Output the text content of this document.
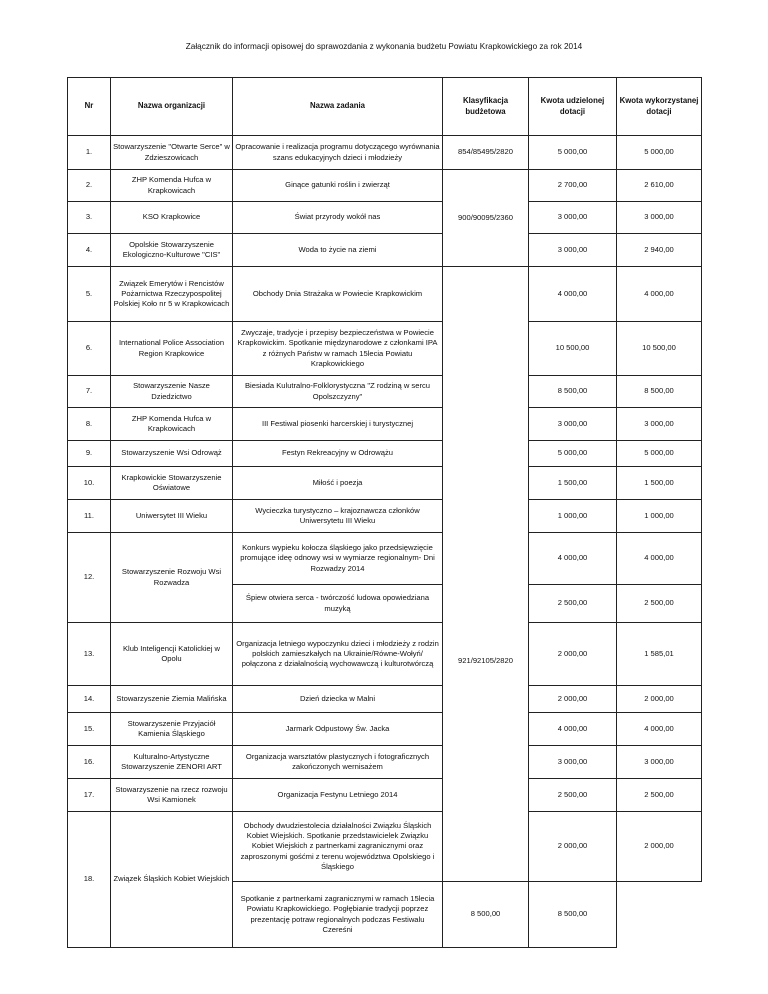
Załącznik do informacji opisowej do sprawozdania z wykonania budżetu Powiatu Krapkowickiego za rok 2014
Nr	Nazwa organizacji	Nazwa zadania	Klasyfikacja budżetowa	Kwota udzielonej dotacji	Kwota wykorzystanej dotacji
1.	Stowarzyszenie "Otwarte Serce" w Zdzieszowicach	Opracowanie i realizacja programu dotyczącego wyrównania szans edukacyjnych dzieci i młodzieży	854/85495/2820	5 000,00	5 000,00
2.	ZHP Komenda Hufca w Krapkowicach	Ginące gatunki roślin i zwierząt	900/90095/2360	2 700,00	2 610,00
3.	KSO Krapkowice	Świat przyrody wokół nas		3 000,00	3 000,00
4.	Opolskie Stowarzyszenie Ekologiczno-Kulturowe "CIS"	Woda to życie na ziemi		3 000,00	2 940,00
5.	Związek Emerytów i Rencistów Pożarnictwa Rzeczypospolitej Polskiej Koło nr 5 w Krapkowicach	Obchody Dnia Strażaka w Powiecie Krapkowickim	921/92105/2820	4 000,00	4 000,00
6.	International Police Association Region Krapkowice	Zwyczaje, tradycje i przepisy bezpieczeństwa w Powiecie Krapkowickim. Spotkanie międzynarodowe z członkami IPA z różnych Państw w ramach 15lecia Powiatu Krapkowickiego		10 500,00	10 500,00
7.	Stowarzyszenie Nasze Dziedzictwo	Biesiada Kulutralno-Folklorystyczna "Z rodziną w sercu Opolszczyzny"		8 500,00	8 500,00
8.	ZHP Komenda Hufca w Krapkowicach	III Festiwal piosenki harcerskiej i turystycznej		3 000,00	3 000,00
9.	Stowarzyszenie Wsi Odrowąż	Festyn Rekreacyjny w Odrowążu		5 000,00	5 000,00
10.	Krapkowickie Stowarzyszenie Oświatowe	Miłość i poezja		1 500,00	1 500,00
11.	Uniwersytet III Wieku	Wycieczka turystyczno – krajoznawcza członków Uniwersytetu III Wieku		1 000,00	1 000,00
12.	Stowarzyszenie Rozwoju Wsi Rozwadza	Konkurs wypieku kołocza śląskiego jako przedsięwzięcie promujące ideę odnowy wsi w wymiarze regionalnym- Dni Rozwadzy 2014		4 000,00	4 000,00
		Śpiew otwiera serca - twórczość ludowa opowiedziana muzyką		2 500,00	2 500,00
13.	Klub Inteligencji Katolickiej w Opolu	Organizacja letniego wypoczynku dzieci i młodzieży z rodzin polskich zamieszkałych na Ukrainie/Równe-Wołyń/ połączona z działalnością wychowawczą i kulturotwórczą		2 000,00	1 585,01
14.	Stowarzyszenie Ziemia Malińska	Dzień dziecka w Malni		2 000,00	2 000,00
15.	Stowarzyszenie Przyjaciół Kamienia Śląskiego	Jarmark Odpustowy Św. Jacka		4 000,00	4 000,00
16.	Kulturalno-Artystyczne Stowarzyszenie ZENORI ART	Organizacja warsztatów plastycznych i fotograficznych zakończonych wernisażem		3 000,00	3 000,00
17.	Stowarzyszenie na rzecz rozwoju Wsi Kamionek	Organizacja Festynu Letniego 2014		2 500,00	2 500,00
18.	Związek Śląskich Kobiet Wiejskich	Obchody dwudziestolecia działalności Związku Śląskich Kobiet Wiejskich. Spotkanie przedstawicielek Związku Kobiet Wiejskich z partnerkami zagranicznymi oraz zaproszonymi gośćmi z terenu województwa Opolskiego i Śląskiego		2 000,00	2 000,00
		Spotkanie z partnerkami zagranicznymi w ramach 15lecia Powiatu Krapkowickiego. Pogłębianie tradycji poprzez prezentację potraw regionalnych podczas Festiwalu Czereśni	8 500,00	8 500,00	
